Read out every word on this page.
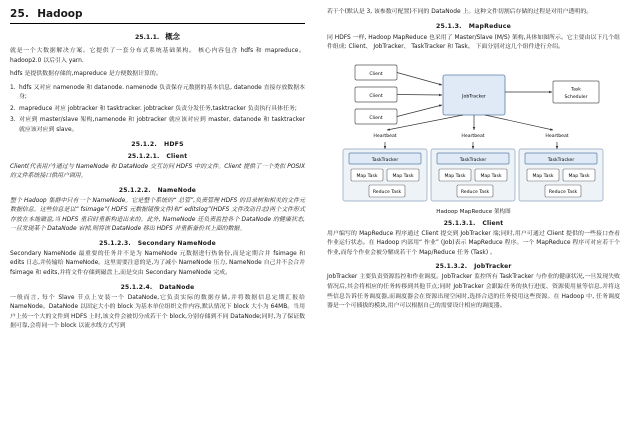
25. Hadoop
25.1.1. 概念

就是一个大数据解决方案。它提供了一套分布式系统基础架构。 核心内容包含 hdfs 和 mapreduce。hadoop2.0 以后引入 yarn.

hdfs 是提供数据存储的,mapreduce 是方便数据计算的。

1. hdfs 又对应 namenode 和 datanode. namenode 负责保存元数据的基本信息, datanode 直接存放数据本身;
2. mapreduce 对应 jobtracker 和 tasktracker. jobtracker 负责分发任务,tasktracker 负责执行具体任务;
3. 对应到 master/slave 架构,namenode 和 jobtracker 就应该对应到 master, datanode 和 tasktracker 就应该对应到 slave。
25.1.2. HDFS
25.1.2.1. Client

Client(代表用户)通过与 NameNode 和 DataNode 交互访问 HDFS 中的文件。Client 提供了一个类似 POSIX 的文件系统接口供用户调用。

25.1.2.2. NameNode

整个 Hadoop 集群中只有一个 NameNode。它是整个系统的“ 总管”,负责管理 HDFS 的目录树和相关的文件元数据信息。这些信息是以“ fsimage”( HDFS 元数据镜像文件)和“ editslog”(HDFS 文件改动日志)两个文件形式存放在本地磁盘,当 HDFS 重启时重新构造出来的。此外, NameNode 还负责监控各个 DataNode 的健康状态,一旦发现某个 DataNode 宕掉,则将该 DataNode 移出 HDFS 并重新备份其上面的数据。

25.1.2.3. Secondary NameNode

Secondary NameNode 最重要的任务并不是为 NameNode 元数据进行热备份,而是定期合并 fsimage 和 edits 日志,并传输给 NameNode。这里需要注意的是,为了减小 NameNode 压力, NameNode 自己并不会合并 fsimage 和 edits,并将文件存储到磁盘上,而是交由 Secondary NameNode 完成。

25.1.2.4. DataNode

一般而言, 每个 Slave 节点上安装一个 DataNode,它负责实际的数据存储,并将数据信息定期汇报给 NameNode。DataNode 以固定大小的 block 为基本单位组织文件内容,默认情况下 block 大小为 64MB。当用户上传一个大的文件到 HDFS 上时,该文件会被切分成若干个 block,分别存储到不同 DataNode;同时,为了保证数据可靠,会将同一个 block 以流水线方式写到

若干个(默认是 3, 该参数可配置)不同的 DataNode 上。这种文件切割后存储的过程是对用户透明的。

25.1.3. MapReduce

同 HDFS 一样, Hadoop MapReduce 也采用了 Master/Slave (M/S) 架构,具体如图所示。它主要由以下几个组件组成: Client、 JobTracker、 TaskTracker 和 Task。 下面分别对这几个组件进行介绍。

Client
Client
Client
JobTracker
Task
Scheduler
Heartbeat	Heartbeat	Heartbeat
TaskTracker
Map Task	Map Task
Reduce Task
TaskTracker
Map Task	Map Task
Reduce Task
TaskTracker
Map Task	Map Task
Reduce Task
Hadoop MapReduce 架构图
25.1.3.1. Client

用户编写的 MapReduce 程序通过 Client 提交到 JobTracker 端;同时,用户可通过 Client 提供的一些接口查看作业运行状态。在 Hadoop 内部用“ 作业” (Job)表示 MapReduce 程序。一个 MapReduce 程序可对应若干个作业,而每个作业会被分解成若干个 Map/Reduce 任务 (Task) 。

25.1.3.2. JobTracker

JobTracker 主要负责资源监控和作业调度。JobTracker 监控所有 TaskTracker 与作业的健康状况,一旦发现失败情况后,其会将相应的任务转移到其他节点;同时 JobTracker 会跟踪任务的执行进度、资源使用量等信息,并将这些信息告诉任务调度器,而调度器会在资源出现空闲时,选择合适的任务使用这些资源。在 Hadoop 中, 任务调度器是一个可插拔的模块,用户可以根据自己的需要设计相应的调度器。
